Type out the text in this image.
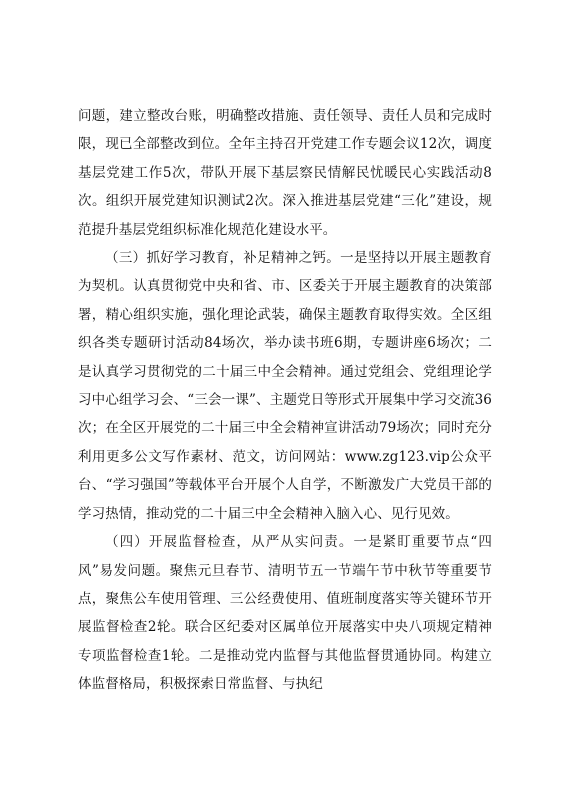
问题，建立整改台账，明确整改措施、责任领导、责任人员和完成时限，现已全部整改到位。全年主持召开党建工作专题会议12次，调度基层党建工作5次，带队开展下基层察民情解民忧暖民心实践活动8次。组织开展党建知识测试2次。深入推进基层党建“三化”建设，规范提升基层党组织标准化规范化建设水平。

（三）抓好学习教育，补足精神之钙。一是坚持以开展主题教育为契机。认真贯彻党中央和省、市、区委关于开展主题教育的决策部署，精心组织实施，强化理论武装，确保主题教育取得实效。全区组织各类专题研讨活动84场次，举办读书班6期，专题讲座6场次；二是认真学习贯彻党的二十届三中全会精神。通过党组会、党组理论学习中心组学习会、“三会一课”、主题党日等形式开展集中学习交流36次；在全区开展党的二十届三中全会精神宣讲活动79场次；同时充分利用更多公文写作素材、范文，访问网站：www.zg123.vip公众平台、“学习强国”等载体平台开展个人自学，不断激发广大党员干部的学习热情，推动党的二十届三中全会精神入脑入心、见行见效。

（四）开展监督检查，从严从实问责。一是紧盯重要节点“四风”易发问题。聚焦元旦春节、清明节五一节端午节中秋节等重要节点，聚焦公车使用管理、三公经费使用、值班制度落实等关键环节开展监督检查2轮。联合区纪委对区属单位开展落实中央八项规定精神专项监督检查1轮。二是推动党内监督与其他监督贯通协同。构建立体监督格局，积极探索日常监督、与执纪
